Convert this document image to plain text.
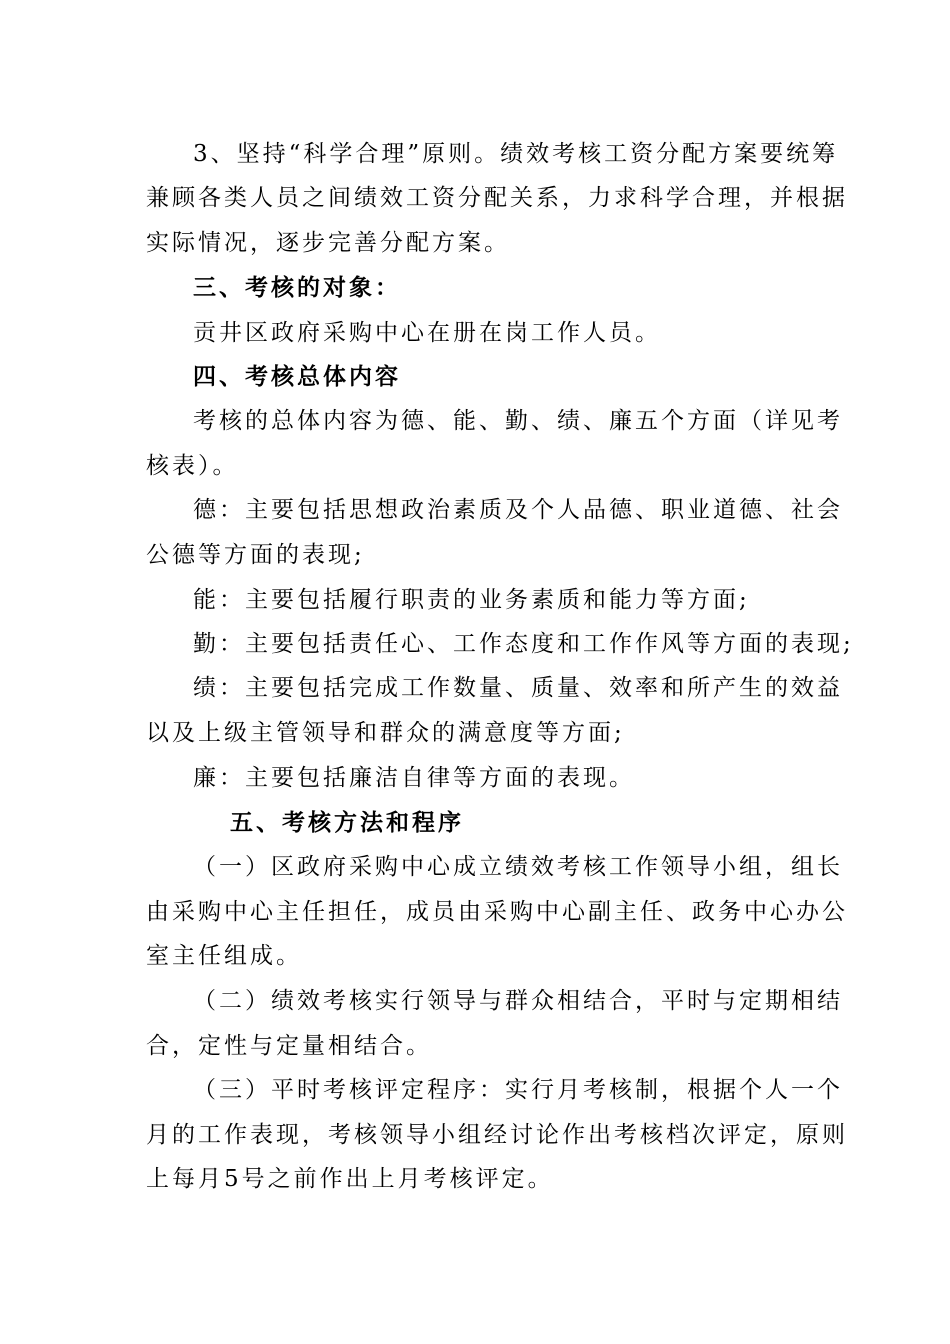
3、坚持“科学合理”原则。绩效考核工资分配方案要统筹
兼顾各类人员之间绩效工资分配关系，力求科学合理，并根据
实际情况，逐步完善分配方案。
三、考核的对象：
贡井区政府采购中心在册在岗工作人员。
四、考核总体内容
考核的总体内容为德、能、勤、绩、廉五个方面（详见考
核表）。
德：主要包括思想政治素质及个人品德、职业道德、社会
公德等方面的表现;
能：主要包括履行职责的业务素质和能力等方面;
勤：主要包括责任心、工作态度和工作作风等方面的表现;
绩：主要包括完成工作数量、质量、效率和所产生的效益
以及上级主管领导和群众的满意度等方面;
廉：主要包括廉洁自律等方面的表现。
五、考核方法和程序
（一）区政府采购中心成立绩效考核工作领导小组，组长
由采购中心主任担任，成员由采购中心副主任、政务中心办公
室主任组成。
（二）绩效考核实行领导与群众相结合，平时与定期相结
合，定性与定量相结合。
（三）平时考核评定程序：实行月考核制，根据个人一个
月的工作表现，考核领导小组经讨论作出考核档次评定，原则
上每月5号之前作出上月考核评定。
